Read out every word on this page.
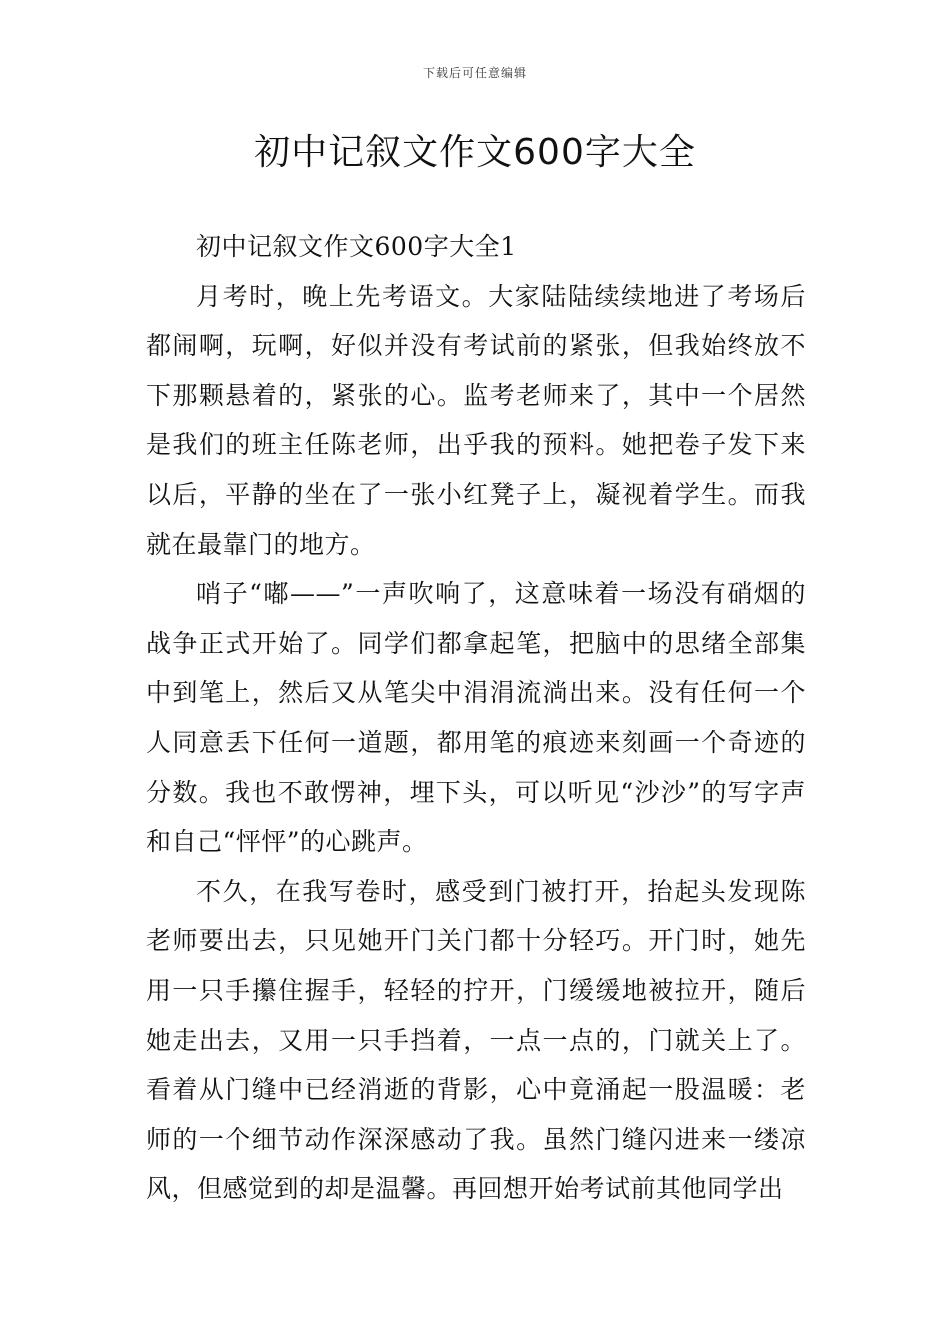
下载后可任意编辑
初中记叙文作文600字大全

初中记叙文作文600字大全1

月考时，晚上先考语文。大家陆陆续续地进了考场后都闹啊，玩啊，好似并没有考试前的紧张，但我始终放不下那颗悬着的，紧张的心。监考老师来了，其中一个居然是我们的班主任陈老师，出乎我的预料。她把卷子发下来以后，平静的坐在了一张小红凳子上，凝视着学生。而我就在最靠门的地方。

哨子“嘟——”一声吹响了，这意味着一场没有硝烟的战争正式开始了。同学们都拿起笔，把脑中的思绪全部集中到笔上，然后又从笔尖中涓涓流淌出来。没有任何一个人同意丢下任何一道题，都用笔的痕迹来刻画一个奇迹的分数。我也不敢愣神，埋下头，可以听见“沙沙”的写字声和自己“怦怦”的心跳声。

不久，在我写卷时，感受到门被打开，抬起头发现陈老师要出去，只见她开门关门都十分轻巧。开门时，她先用一只手攥住握手，轻轻的拧开，门缓缓地被拉开，随后她走出去，又用一只手挡着，一点一点的，门就关上了。看着从门缝中已经消逝的背影，心中竟涌起一股温暖：老师的一个细节动作深深感动了我。虽然门缝闪进来一缕凉风，但感觉到的却是温馨。再回想开始考试前其他同学出
